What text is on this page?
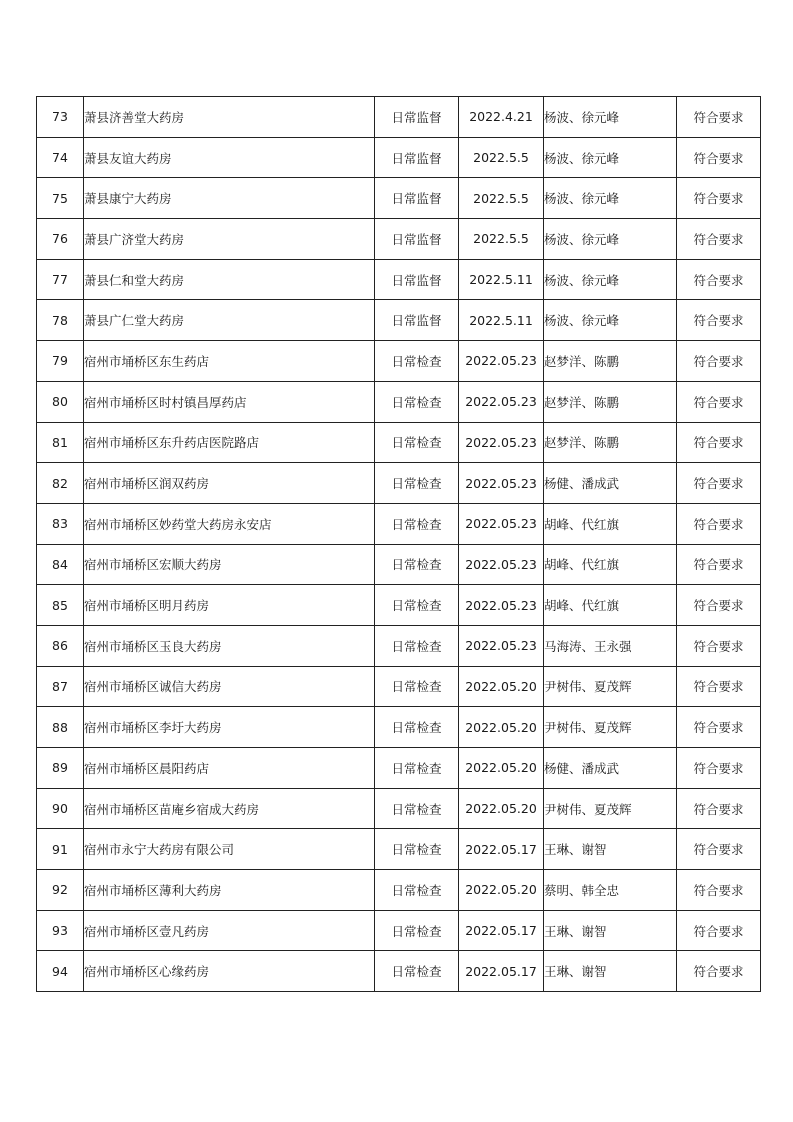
73	萧县济善堂大药房	日常监督	2022.4.21	杨波、徐元峰	符合要求
74	萧县友谊大药房	日常监督	2022.5.5	杨波、徐元峰	符合要求
75	萧县康宁大药房	日常监督	2022.5.5	杨波、徐元峰	符合要求
76	萧县广济堂大药房	日常监督	2022.5.5	杨波、徐元峰	符合要求
77	萧县仁和堂大药房	日常监督	2022.5.11	杨波、徐元峰	符合要求
78	萧县广仁堂大药房	日常监督	2022.5.11	杨波、徐元峰	符合要求
79	宿州市埇桥区东生药店	日常检查	2022.05.23	赵梦洋、陈鹏	符合要求
80	宿州市埇桥区时村镇昌厚药店	日常检查	2022.05.23	赵梦洋、陈鹏	符合要求
81	宿州市埇桥区东升药店医院路店	日常检查	2022.05.23	赵梦洋、陈鹏	符合要求
82	宿州市埇桥区润双药房	日常检查	2022.05.23	杨健、潘成武	符合要求
83	宿州市埇桥区妙药堂大药房永安店	日常检查	2022.05.23	胡峰、代红旗	符合要求
84	宿州市埇桥区宏顺大药房	日常检查	2022.05.23	胡峰、代红旗	符合要求
85	宿州市埇桥区明月药房	日常检查	2022.05.23	胡峰、代红旗	符合要求
86	宿州市埇桥区玉良大药房	日常检查	2022.05.23	马海涛、王永强	符合要求
87	宿州市埇桥区诚信大药房	日常检查	2022.05.20	尹树伟、夏茂辉	符合要求
88	宿州市埇桥区李圩大药房	日常检查	2022.05.20	尹树伟、夏茂辉	符合要求
89	宿州市埇桥区晨阳药店	日常检查	2022.05.20	杨健、潘成武	符合要求
90	宿州市埇桥区苗庵乡宿成大药房	日常检查	2022.05.20	尹树伟、夏茂辉	符合要求
91	宿州市永宁大药房有限公司	日常检查	2022.05.17	王琳、谢智	符合要求
92	宿州市埇桥区薄利大药房	日常检查	2022.05.20	蔡明、韩全忠	符合要求
93	宿州市埇桥区壹凡药房	日常检查	2022.05.17	王琳、谢智	符合要求
94	宿州市埇桥区心缘药房	日常检查	2022.05.17	王琳、谢智	符合要求
